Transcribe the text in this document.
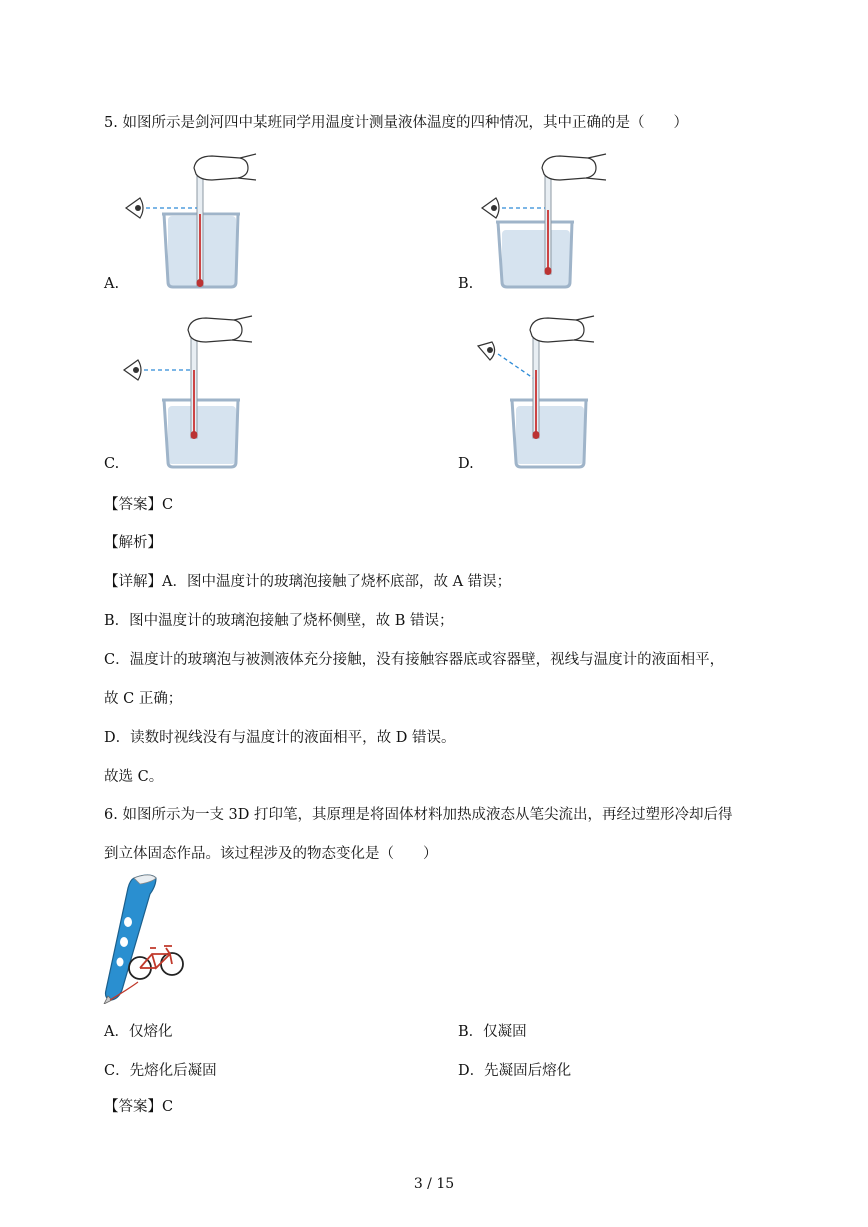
5. 如图所示是剑河四中某班同学用温度计测量液体温度的四种情况，其中正确的是（　　）
A.	B.
C.	D.
【答案】C
【解析】
【详解】A．图中温度计的玻璃泡接触了烧杯底部，故 A 错误；
B．图中温度计的玻璃泡接触了烧杯侧壁，故 B 错误；
C．温度计的玻璃泡与被测液体充分接触，没有接触容器底或容器壁，视线与温度计的液面相平，
故 C 正确；
D．读数时视线没有与温度计的液面相平，故 D 错误。
故选 C。
6. 如图所示为一支 3D 打印笔，其原理是将固体材料加热成液态从笔尖流出，再经过塑形冷却后得
到立体固态作品。该过程涉及的物态变化是（　　）
A．仅熔化	B．仅凝固
C．先熔化后凝固	D．先凝固后熔化
【答案】C
3 / 15
